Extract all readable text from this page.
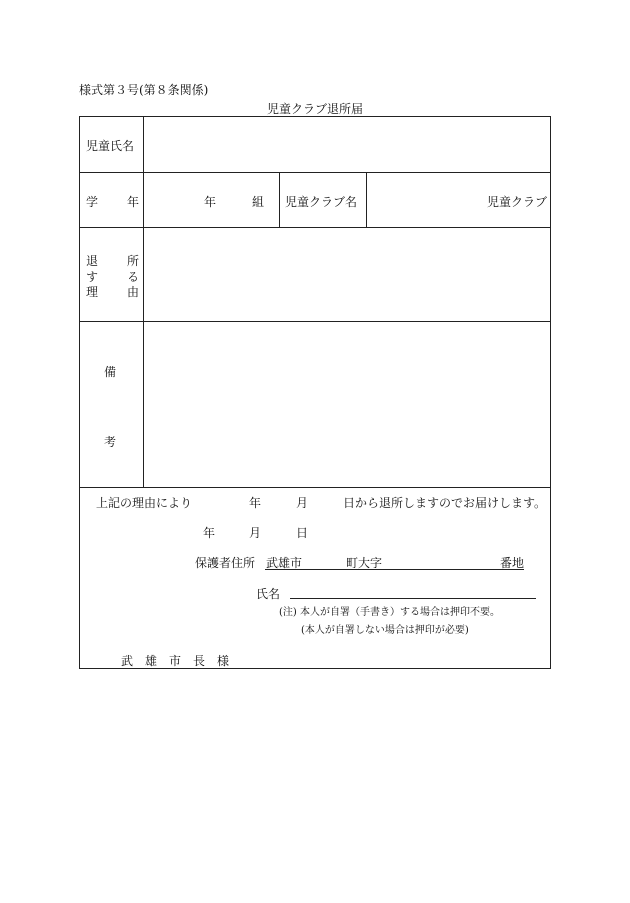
様式第３号(第８条関係)
児童クラブ退所届
児童氏名
学 年	年	組 児童クラブ名	児童クラブ
退 所
す る
理 由
備
考
上記の理由により	年	月	日から退所しますのでお届けします。
年	月	日
保護者住所 武雄市	町大字	番地
氏名
(注) 本人が自署（手書き）する場合は押印不要。
(本人が自署しない場合は押印が必要)
武　雄　市　長　様
